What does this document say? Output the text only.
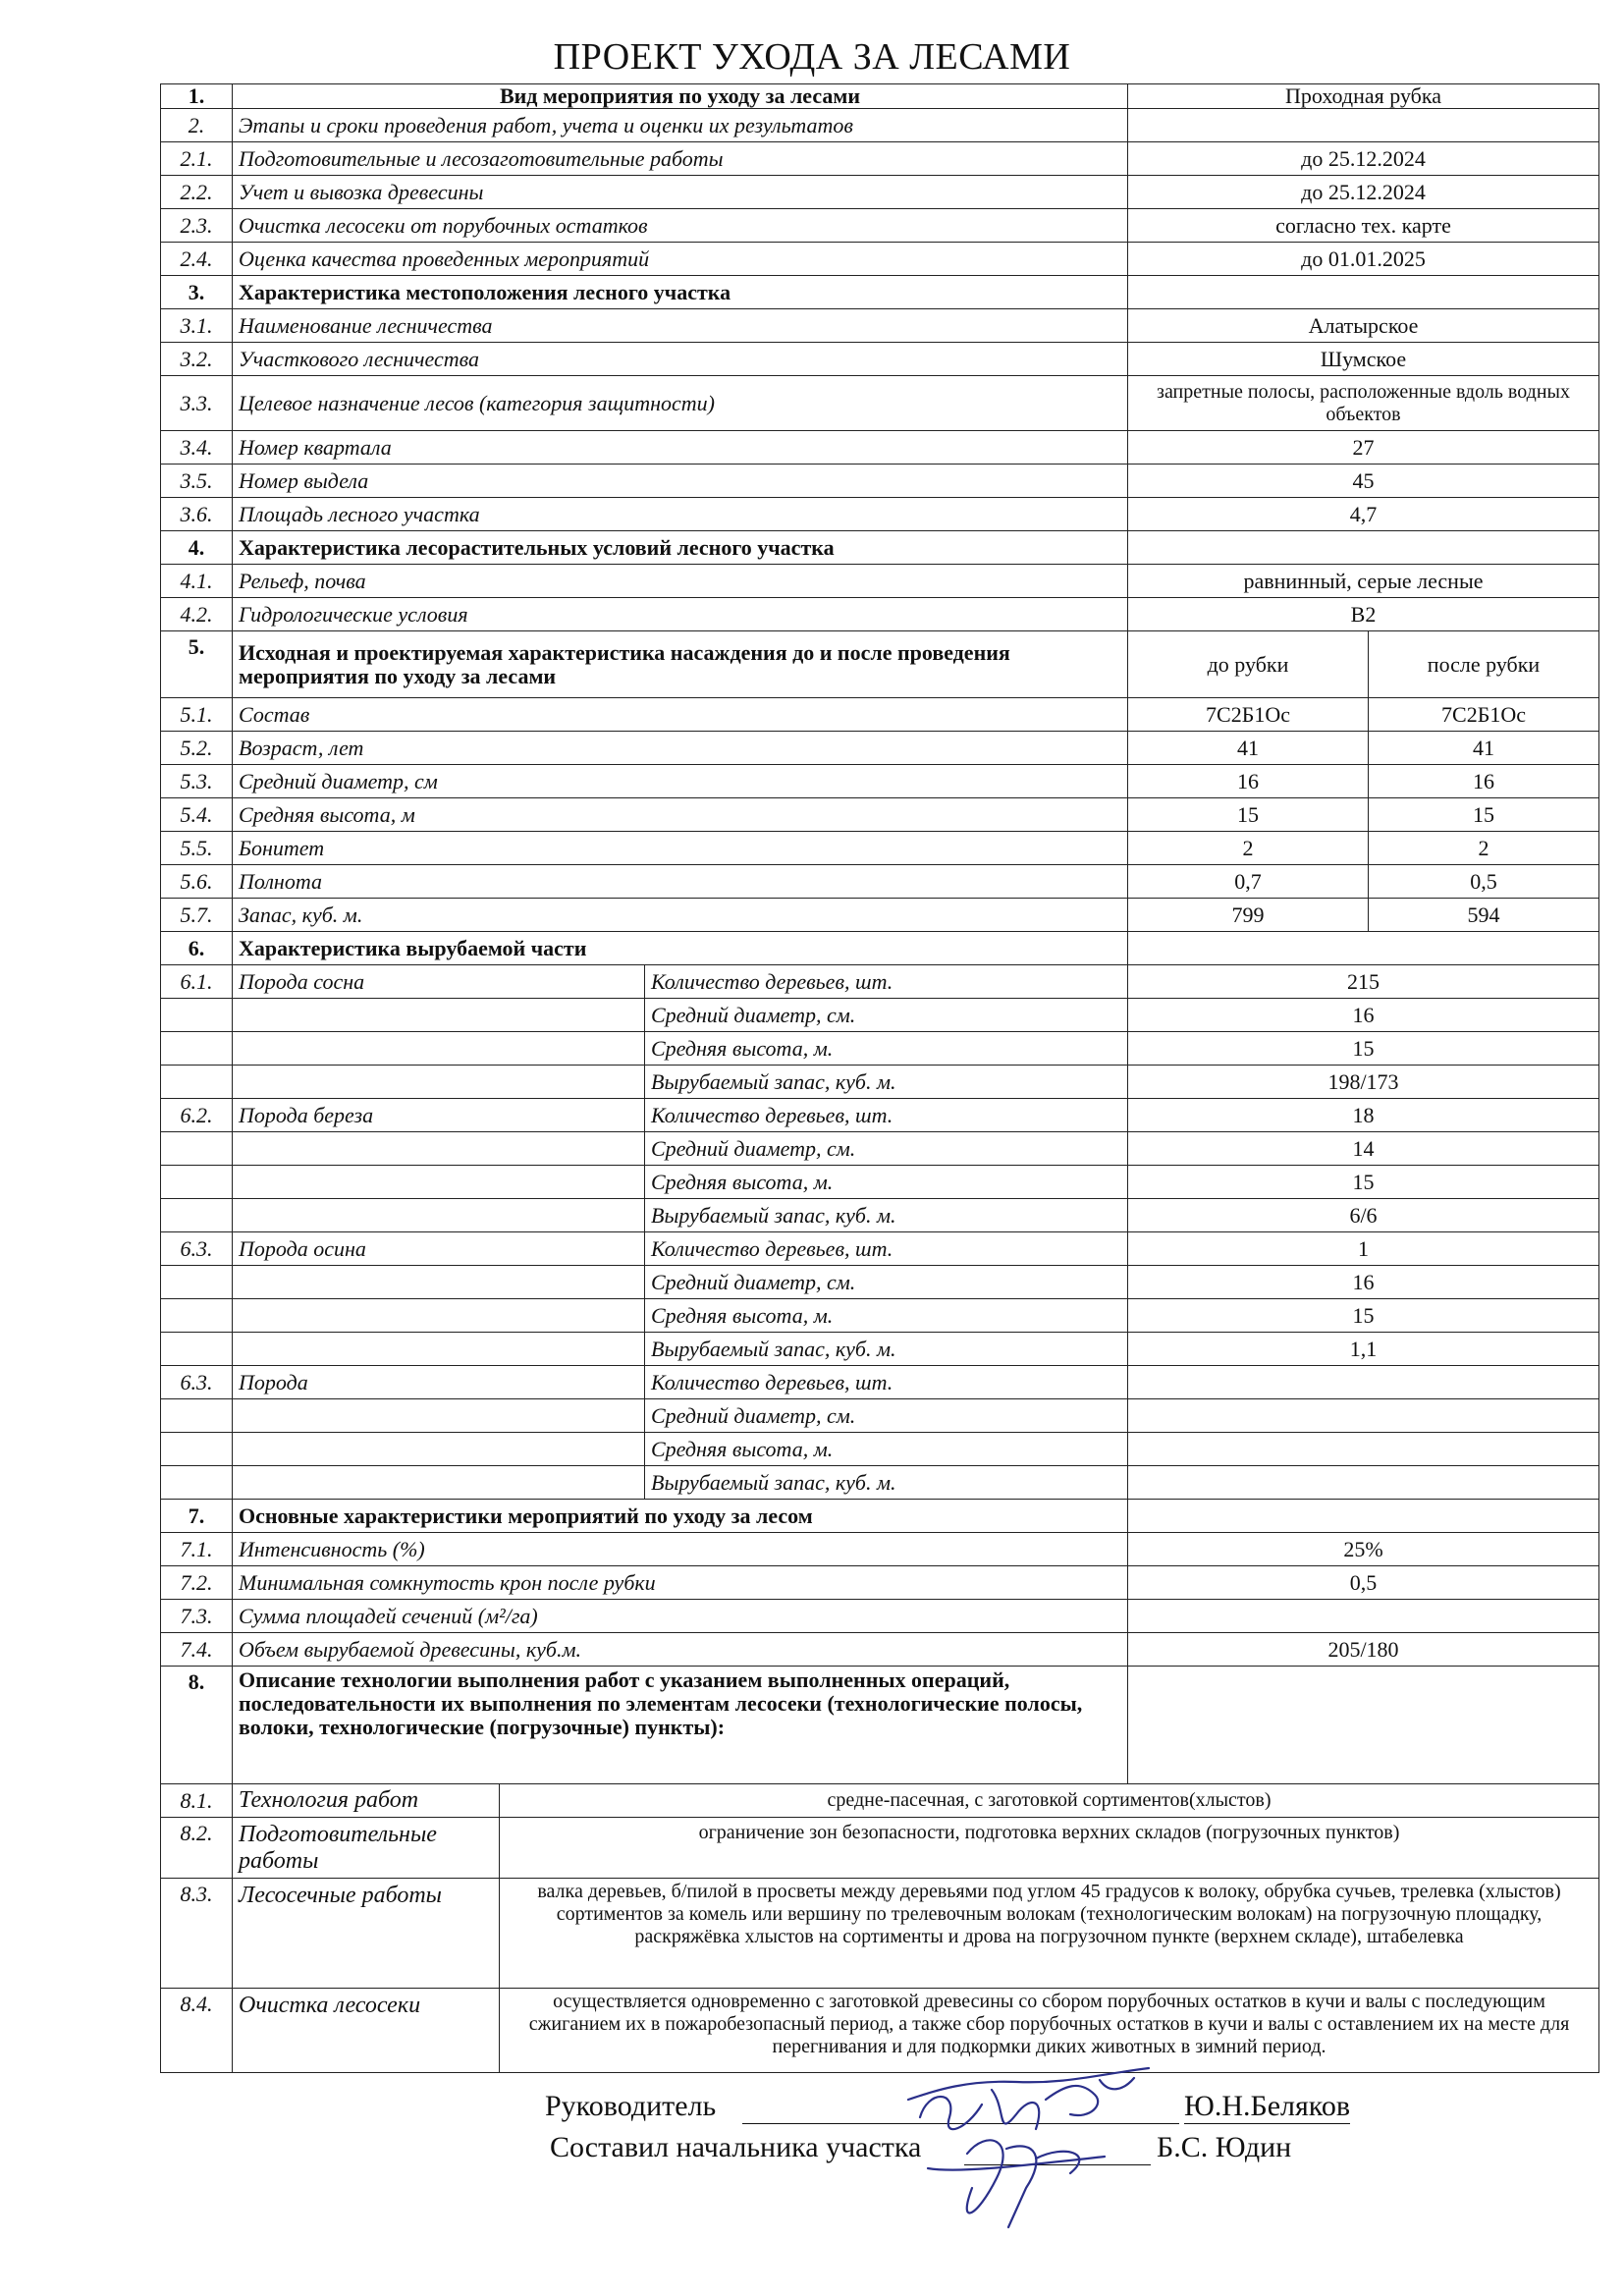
ПРОЕКТ УХОДА ЗА ЛЕСАМИ
1.	Вид мероприятия по уходу за лесами		Проходная рубка	
2.	Этапы и сроки проведения работ, учета и оценки их результатов			
2.1.	Подготовительные и лесозаготовительные работы		до 25.12.2024	
2.2.	Учет и вывозка древесины		до 25.12.2024	
2.3.	Очистка лесосеки от порубочных остатков		согласно тех. карте	
2.4.	Оценка качества проведенных мероприятий		до 01.01.2025	
3.	Характеристика местоположения лесного участка			
3.1.	Наименование лесничества		Алатырское	
3.2.	Участкового лесничества		Шумское	
3.3.	Целевое назначение лесов (категория защитности)		запретные полосы, расположенные вдоль водных объектов	
3.4.	Номер квартала		27	
3.5.	Номер выдела		45	
3.6.	Площадь лесного участка		4,7	
4.	Характеристика лесорастительных условий лесного участка			
4.1.	Рельеф, почва		равнинный, серые лесные	
4.2.	Гидрологические условия		В2	
5.	Исходная и проектируемая характеристика насаждения до и после проведения мероприятия по уходу за лесами		до рубки	после рубки
5.1.	Состав		7С2Б1Ос	7С2Б1Ос
5.2.	Возраст, лет		41	41
5.3.	Средний диаметр, см		16	16
5.4.	Средняя высота, м		15	15
5.5.	Бонитет		2	2
5.6.	Полнота		0,7	0,5
5.7.	Запас, куб. м.		799	594
6.	Характеристика вырубаемой части			
6.1.	Порода сосна	Количество деревьев, шт.	215	
		Средний диаметр, см.	16	
		Средняя высота, м.	15	
		Вырубаемый запас, куб. м.	198/173	
6.2.	Порода береза	Количество деревьев, шт.	18	
		Средний диаметр, см.	14	
		Средняя высота, м.	15	
		Вырубаемый запас, куб. м.	6/6	
6.3.	Порода осина	Количество деревьев, шт.	1	
		Средний диаметр, см.	16	
		Средняя высота, м.	15	
		Вырубаемый запас, куб. м.	1,1	
6.3.	Порода	Количество деревьев, шт.		
		Средний диаметр, см.		
		Средняя высота, м.		
		Вырубаемый запас, куб. м.		
7.	Основные характеристики мероприятий по уходу за лесом			
7.1.	Интенсивность (%)		25%	
7.2.	Минимальная сомкнутость крон после рубки		0,5	
7.3.	Сумма площадей сечений (м²/га)			
7.4.	Объем вырубаемой древесины, куб.м.		205/180	
8.	Описание технологии выполнения работ с указанием выполненных операций, последовательности их выполнения по элементам лесосеки (технологические полосы, волоки, технологические (погрузочные) пункты):			
8.1.	Технология работ	средне-пасечная, с заготовкой сортиментов(хлыстов)
8.2.	Подготовительные работы	ограничение зон безопасности, подготовка верхних складов (погрузочных пунктов)
8.3.	Лесосечные работы	валка деревьев, б/пилой в просветы между деревьями под углом 45 градусов к волоку, обрубка сучьев, трелевка (хлыстов) сортиментов за комель или вершину по трелевочным волокам (технологическим волокам) на погрузочную площадку, раскряжёвка хлыстов на сортименты и дрова на погрузочном пункте (верхнем складе), штабелевка
8.4.	Очистка лесосеки	осуществляется одновременно с заготовкой древесины со сбором порубочных остатков в кучи и валы с последующим сжиганием их в пожаробезопасный период, а также сбор порубочных остатков в кучи и валы с оставлением их на месте для перегнивания и для подкормки диких животных в зимний период.
Руководитель	Ю.Н.Беляков
Составил начальника участка	Б.С. Юдин
